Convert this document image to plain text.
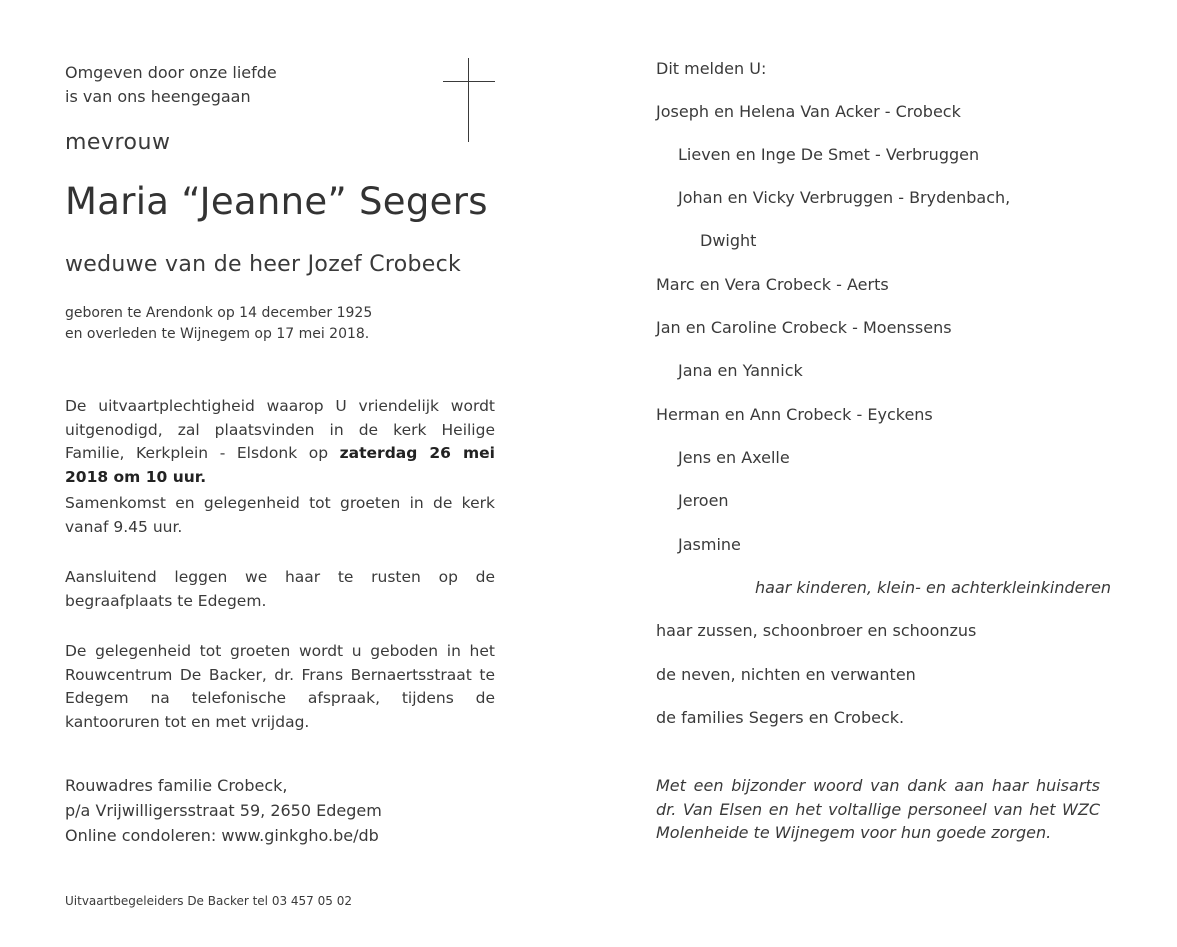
Omgeven door onze liefde
is van ons heengegaan
mevrouw
Maria “Jeanne” Segers
weduwe van de heer Jozef Crobeck
geboren te Arendonk op 14 december 1925
en overleden te Wijnegem op 17 mei 2018.
De uitvaartplechtigheid waarop U vriendelijk wordt uitgenodigd, zal plaatsvinden in de kerk Heilige Familie, Kerkplein - Elsdonk op zaterdag 26 mei 2018 om 10 uur.
Samenkomst en gelegenheid tot groeten in de kerk vanaf 9.45 uur.
Aansluitend leggen we haar te rusten op de begraafplaats te Edegem.
De gelegenheid tot groeten wordt u geboden in het Rouwcentrum De Backer, dr. Frans Bernaertsstraat te Edegem na telefonische afspraak, tijdens de kantooruren tot en met vrijdag.
Rouwadres familie Crobeck,
p/a Vrijwilligersstraat 59, 2650 Edegem
Online condoleren: www.ginkgho.be/db
Uitvaartbegeleiders De Backer tel 03 457 05 02
Dit melden U:
Joseph en Helena Van Acker - Crobeck
Lieven en Inge De Smet - Verbruggen
Johan en Vicky Verbruggen - Brydenbach,
Dwight
Marc en Vera Crobeck - Aerts
Jan en Caroline Crobeck - Moenssens
Jana en Yannick
Herman en Ann Crobeck - Eyckens
Jens en Axelle
Jeroen
Jasmine
haar kinderen, klein- en achterkleinkinderen
haar zussen, schoonbroer en schoonzus
de neven, nichten en verwanten
de families Segers en Crobeck.
Met een bijzonder woord van dank aan haar huisarts dr. Van Elsen en het voltallige personeel van het WZC Molenheide te Wijnegem voor hun goede zorgen.
